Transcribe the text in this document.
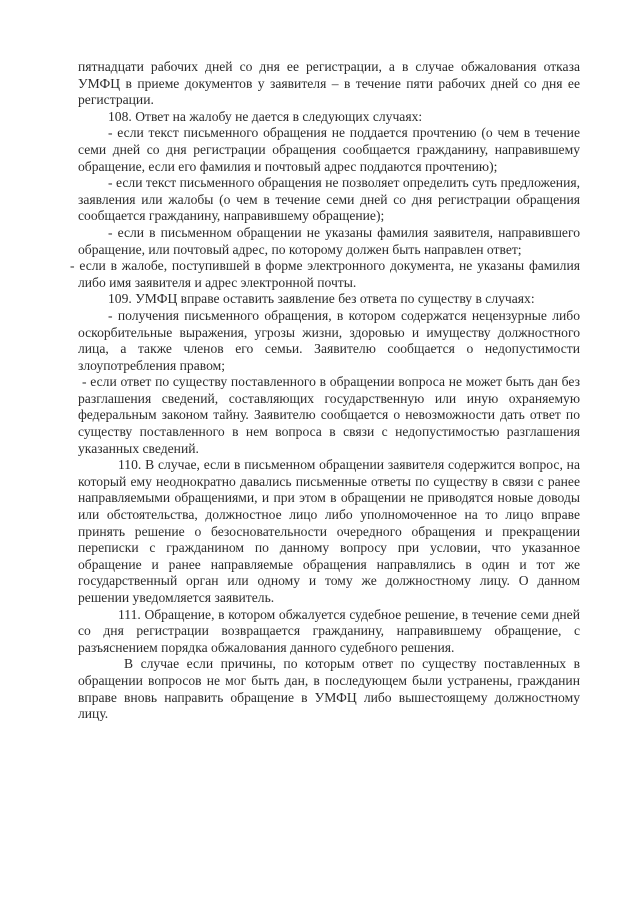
пятнадцати рабочих дней со дня ее регистрации, а в случае обжалования отказа УМФЦ в приеме документов у заявителя – в течение пяти рабочих дней со дня ее регистрации.

108. Ответ на жалобу не дается в следующих случаях:

- если текст письменного обращения не поддается прочтению (о чем в течение семи дней со дня регистрации обращения сообщается гражданину, направившему обращение, если его фамилия и почтовый адрес поддаются прочтению);

- если текст письменного обращения не позволяет определить суть предложения, заявления или жалобы (о чем в течение семи дней со дня регистрации обращения сообщается гражданину, направившему обращение);

- если в письменном обращении не указаны фамилия заявителя, направившего обращение, или почтовый адрес, по которому должен быть направлен ответ;

- если в жалобе, поступившей в форме электронного документа, не указаны фамилия либо имя заявителя и адрес электронной почты.

109. УМФЦ вправе оставить заявление без ответа по существу в случаях:

- получения письменного обращения, в котором содержатся нецензурные либо оскорбительные выражения, угрозы жизни, здоровью и имуществу должностного лица, а также членов его семьи. Заявителю сообщается о недопустимости злоупотребления правом;

- если ответ по существу поставленного в обращении вопроса не может быть дан без разглашения сведений, составляющих государственную или иную охраняемую федеральным законом тайну. Заявителю сообщается о невозможности дать ответ по существу поставленного в нем вопроса в связи с недопустимостью разглашения указанных сведений.

110. В случае, если в письменном обращении заявителя содержится вопрос, на который ему неоднократно давались письменные ответы по существу в связи с ранее направляемыми обращениями, и при этом в обращении не приводятся новые доводы или обстоятельства, должностное лицо либо уполномоченное на то лицо вправе принять решение о безосновательности очередного обращения и прекращении переписки с гражданином по данному вопросу при условии, что указанное обращение и ранее направляемые обращения направлялись в один и тот же государственный орган или одному и тому же должностному лицу. О данном решении уведомляется заявитель.

111. Обращение, в котором обжалуется судебное решение, в течение семи дней со дня регистрации возвращается гражданину, направившему обращение, с разъяснением порядка обжалования данного судебного решения.

В случае если причины, по которым ответ по существу поставленных в обращении вопросов не мог быть дан, в последующем были устранены, гражданин вправе вновь направить обращение в УМФЦ либо вышестоящему должностному лицу.
